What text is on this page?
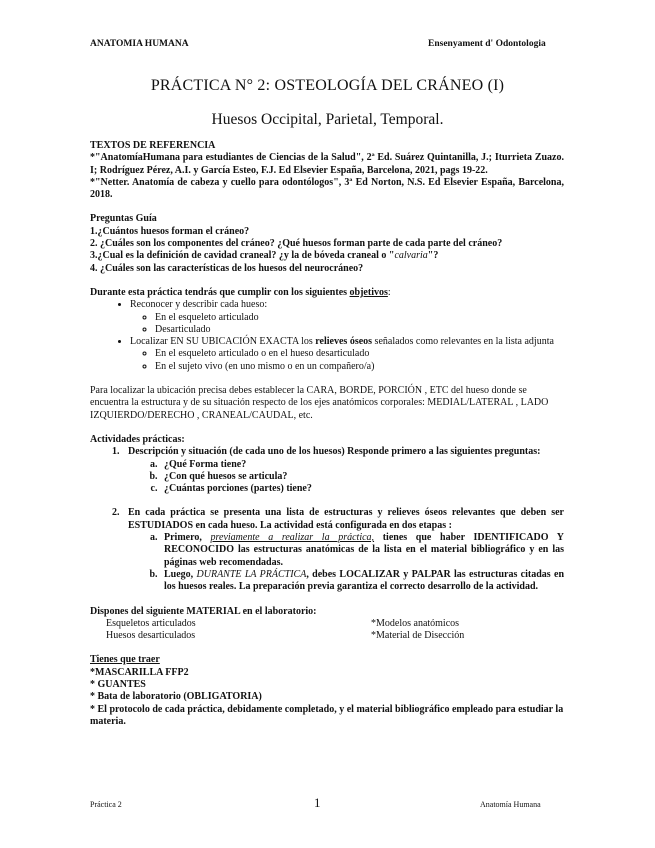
ANATOMIA HUMANA	Ensenyament d' Odontologia
PRÁCTICA N° 2: OSTEOLOGÍA DEL CRÁNEO (I)
Huesos Occipital, Parietal, Temporal.
TEXTOS DE REFERENCIA
*"AnatomíaHumana para estudiantes de Ciencias de la Salud", 2ª Ed. Suárez Quintanilla, J.; Iturrieta Zuazo. I; Rodríguez Pérez, A.I. y García Esteo, F.J. Ed Elsevier España, Barcelona, 2021, pags 19-22.
*"Netter. Anatomía de cabeza y cuello para odontólogos", 3ª Ed Norton, N.S. Ed Elsevier España, Barcelona, 2018.
Preguntas Guía
1.¿Cuántos huesos forman el cráneo?
2. ¿Cuáles son los componentes del cráneo? ¿Qué huesos forman parte de cada parte del cráneo?
3.¿Cual es la definición de cavidad craneal? ¿y la de bóveda craneal o "calvaria"?
4. ¿Cuáles son las características de los huesos del neurocráneo?
Durante esta práctica tendrás que cumplir con los siguientes objetivos:
• Reconocer y describir cada hueso:
◦ En el esqueleto articulado
◦ Desarticulado
• Localizar EN SU UBICACIÓN EXACTA los relieves óseos señalados como relevantes en la lista adjunta
◦ En el esqueleto articulado o en el hueso desarticulado
◦ En el sujeto vivo (en uno mismo o en un compañero/a)
Para localizar la ubicación precisa debes establecer la CARA, BORDE, PORCIÓN , ETC del hueso donde se encuentra la estructura y de su situación respecto de los ejes anatómicos corporales: MEDIAL/LATERAL , LADO IZQUIERDO/DERECHO , CRANEAL/CAUDAL, etc.
Actividades prácticas:
1. Descripción y situación (de cada uno de los huesos) Responde primero a las siguientes preguntas:
a. ¿Qué Forma tiene?
b. ¿Con qué huesos se articula?
c. ¿Cuántas porciones (partes) tiene?
2. En cada práctica se presenta una lista de estructuras y relieves óseos relevantes que deben ser ESTUDIADOS en cada hueso. La actividad está configurada en dos etapas :
a. Primero, previamente a realizar la práctica, tienes que haber IDENTIFICADO Y RECONOCIDO las estructuras anatómicas de la lista en el material bibliográfico y en las páginas web recomendadas.
b. Luego, DURANTE LA PRÁCTICA, debes LOCALIZAR y PALPAR las estructuras citadas en los huesos reales. La preparación previa garantiza el correcto desarrollo de la actividad.
Dispones del siguiente MATERIAL en el laboratorio:
Esqueletos articulados	*Modelos anatómicos
Huesos desarticulados	*Material de Disección
Tienes que traer
*MASCARILLA FFP2
* GUANTES
* Bata de laboratorio (OBLIGATORIA)
* El protocolo de cada práctica, debidamente completado, y el material bibliográfico empleado para estudiar la materia.
Práctica 2	1	Anatomía Humana
